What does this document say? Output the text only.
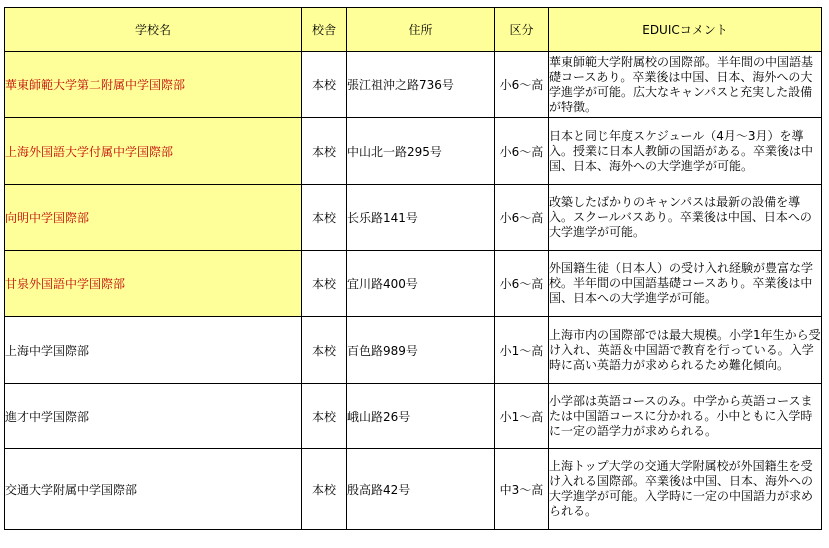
学校名	校舎	住所	区分	EDUICコメント
華東師範大学第二附属中学国際部	本校	張江祖沖之路736号	小6～高	華東師範大学附属校の国際部。半年間の中国語基礎コースあり。卒業後は中国、日本、海外への大学進学が可能。広大なキャンパスと充実した設備が特徴。
上海外国語大学付属中学国際部	本校	中山北一路295号	小6～高	日本と同じ年度スケジュール（4月～3月）を導入。授業に日本人教師の国語がある。卒業後は中国、日本、海外への大学進学が可能。
向明中学国際部	本校	长乐路141号	小6～高	改築したばかりのキャンパスは最新の設備を導入。スクールバスあり。卒業後は中国、日本への大学進学が可能。
甘泉外国語中学国際部	本校	宜川路400号	小6～高	外国籍生徒（日本人）の受け入れ経験が豊富な学校。半年間の中国語基礎コースあり。卒業後は中国、日本への大学進学が可能。
上海中学国際部	本校	百色路989号	小1～高	上海市内の国際部では最大規模。小学1年生から受け入れ、英語＆中国語で教育を行っている。入学時に高い英語力が求められるため難化傾向。
進才中学国際部	本校	峨山路26号	小1～高	小学部は英語コースのみ。中学から英語コースまたは中国語コースに分かれる。小中ともに入学時に一定の語学力が求められる。
交通大学附属中学国際部	本校	殷高路42号	中3～高	上海トップ大学の交通大学附属校が外国籍生を受け入れる国際部。卒業後は中国、日本、海外への大学進学が可能。入学時に一定の中国語力が求められる。
